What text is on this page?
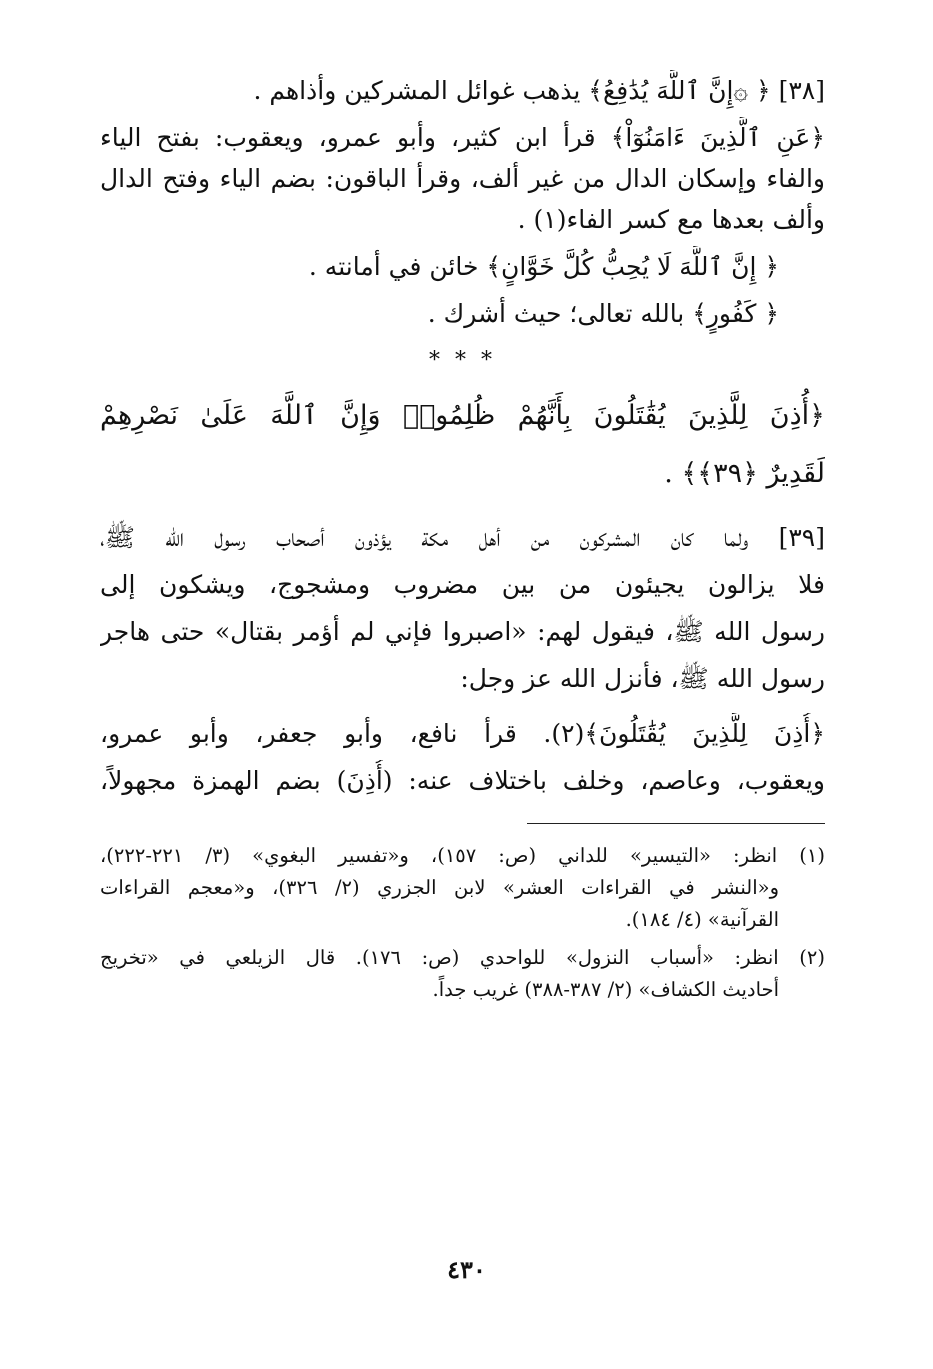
[٣٨] ﴿ ۞إِنَّ ٱللَّهَ يُدَٰفِعُ﴾ يذهب غوائل المشركين وأذاهم .
﴿عَنِ ٱلَّذِينَ ءَامَنُوٓاْ﴾ قرأ ابن كثير، وأبو عمرو، ويعقوب: بفتح الياء
والفاء وإسكان الدال من غير ألف، وقرأ الباقون: بضم الياء وفتح الدال
وألف بعدها مع كسر الفاء(١) .
﴿ إِنَّ ٱللَّهَ لَا يُحِبُّ كُلَّ خَوَّانٍ﴾ خائن في أمانته .
﴿ كَفُورٍ﴾ بالله تعالى؛ حيث أشرك .
* * *
﴿أُذِنَ لِلَّذِينَ يُقَٰتَلُونَ بِأَنَّهُمْ ظُلِمُوا۟ وَإِنَّ ٱللَّهَ عَلَىٰ نَصْرِهِمْ
لَقَدِيرٌ ﴿٣٩﴾﴾ .
[٣٩] ولما كان المشركون من أهل مكة يؤذون أصحاب رسول الله ﷺ،
فلا يزالون يجيئون من بين مضروب ومشجوج، ويشكون إلى
رسول الله ﷺ، فيقول لهم: «اصبروا فإني لم أؤمر بقتال» حتى هاجر
رسول الله ﷺ، فأنزل الله عز وجل:
﴿أُذِنَ لِلَّذِينَ يُقَٰتَلُونَ﴾(٢). قرأ نافع، وأبو جعفر، وأبو عمرو،
ويعقوب، وعاصم، وخلف باختلاف عنه: (أُذِنَ) بضم الهمزة مجهولاً،
(١) انظر: «التيسير» للداني (ص: ١٥٧)، و«تفسير البغوي» (٣/ ٢٢١-٢٢٢)،
و«النشر في القراءات العشر» لابن الجزري (٢/ ٣٢٦)، و«معجم القراءات
القرآنية» (٤/ ١٨٤).
(٢) انظر: «أسباب النزول» للواحدي (ص: ١٧٦). قال الزيلعي في «تخريج
أحاديث الكشاف» (٢/ ٣٨٧-٣٨٨) غريب جداً.
٤٣٠
